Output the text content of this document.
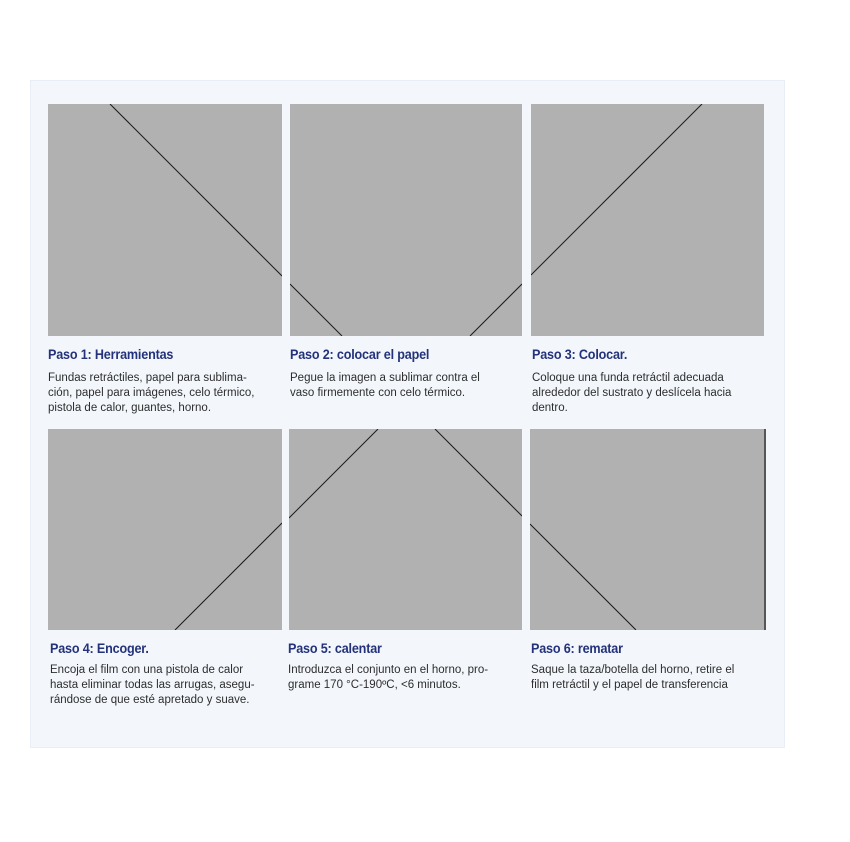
Paso 1: Herramientas
Fundas retráctiles, papel para sublima-
ción, papel para imágenes, celo térmico,
pistola de calor, guantes, horno.
Paso 2: colocar el papel
Pegue la imagen a sublimar contra el
vaso firmemente con celo térmico.
Paso 3: Colocar.
Coloque una funda retráctil adecuada
alrededor del sustrato y deslícela hacia
dentro.
Paso 4: Encoger.
Encoja el film con una pistola de calor
hasta eliminar todas las arrugas, asegu-
rándose de que esté apretado y suave.
Paso 5: calentar
Introduzca el conjunto en el horno, pro-
grame 170 °C-190ºC, <6 minutos.
Paso 6: rematar
Saque la taza/botella del horno, retire el
film retráctil y el papel de transferencia
